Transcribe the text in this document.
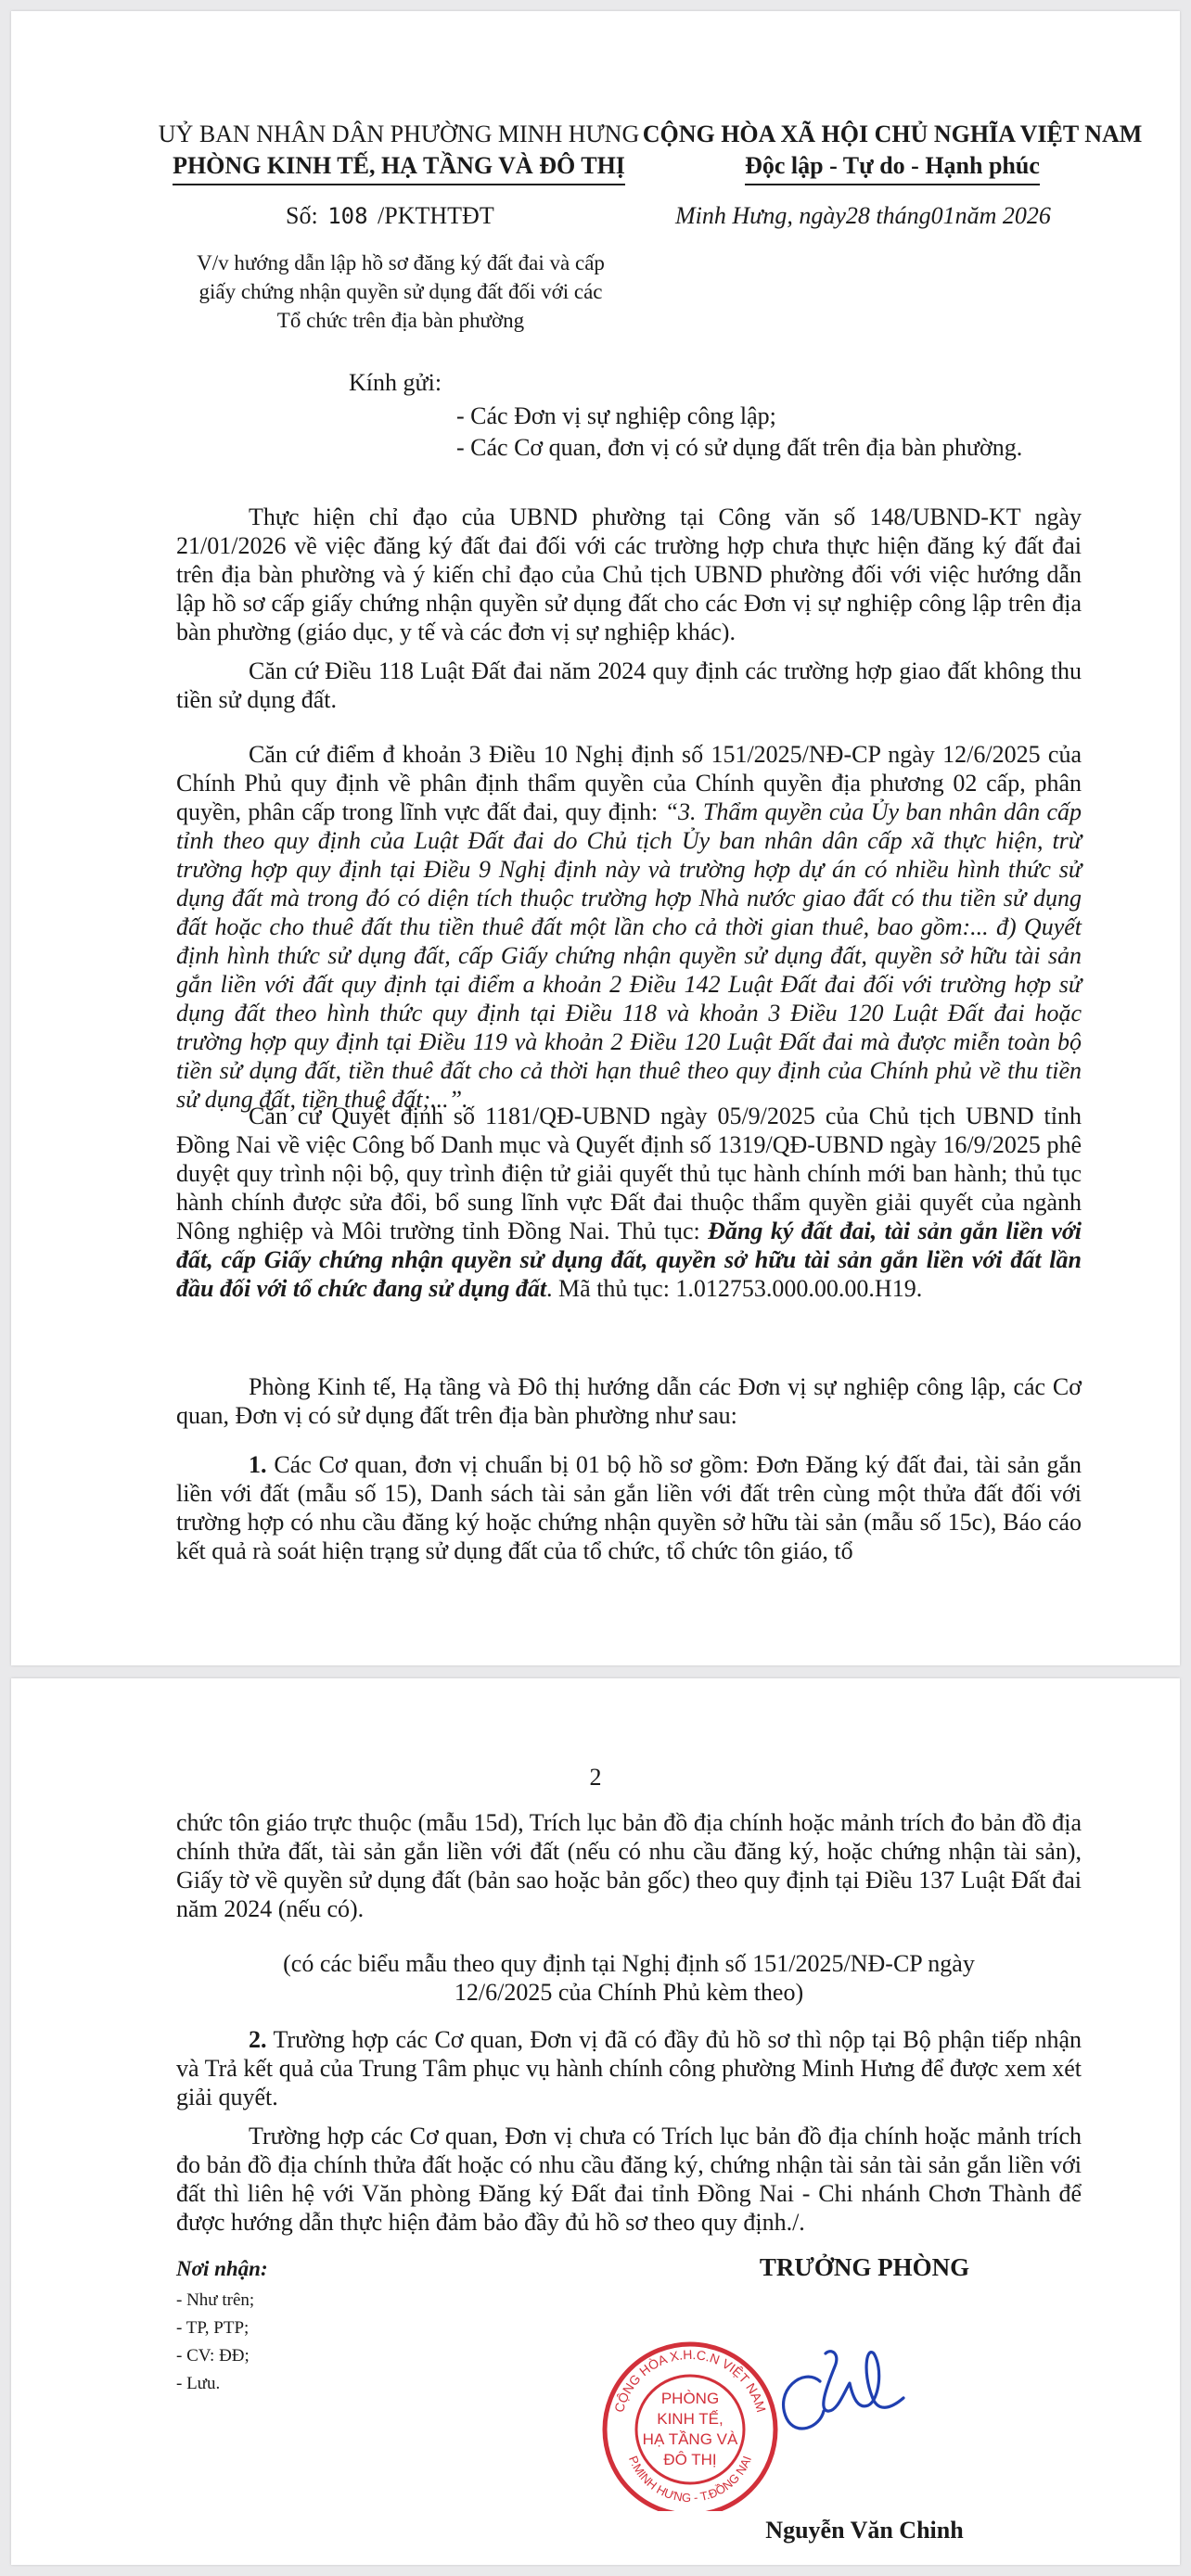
UỶ BAN NHÂN DÂN PHƯỜNG MINH HƯNG
PHÒNG KINH TẾ, HẠ TẦNG VÀ ĐÔ THỊ
Số: 108 /PKTHTĐT
V/v hướng dẫn lập hồ sơ đăng ký đất đai và cấp
giấy chứng nhận quyền sử dụng đất đối với các
Tổ chức trên địa bàn phường
CỘNG HÒA XÃ HỘI CHỦ NGHĨA VIỆT NAM
Độc lập - Tự do - Hạnh phúc
Minh Hưng, ngày28 tháng01năm 2026
Kính gửi:
- Các Đơn vị sự nghiệp công lập;
- Các Cơ quan, đơn vị có sử dụng đất trên địa bàn phường.

Thực hiện chỉ đạo của UBND phường tại Công văn số 148/UBND-KT ngày 21/01/2026 về việc đăng ký đất đai đối với các trường hợp chưa thực hiện đăng ký đất đai trên địa bàn phường và ý kiến chỉ đạo của Chủ tịch UBND phường đối với việc hướng dẫn lập hồ sơ cấp giấy chứng nhận quyền sử dụng đất cho các Đơn vị sự nghiệp công lập trên địa bàn phường (giáo dục, y tế và các đơn vị sự nghiệp khác).

Căn cứ Điều 118 Luật Đất đai năm 2024 quy định các trường hợp giao đất không thu tiền sử dụng đất.

Căn cứ điểm đ khoản 3 Điều 10 Nghị định số 151/2025/NĐ-CP ngày 12/6/2025 của Chính Phủ quy định về phân định thẩm quyền của Chính quyền địa phương 02 cấp, phân quyền, phân cấp trong lĩnh vực đất đai, quy định: “3. Thẩm quyền của Ủy ban nhân dân cấp tỉnh theo quy định của Luật Đất đai do Chủ tịch Ủy ban nhân dân cấp xã thực hiện, trừ trường hợp quy định tại Điều 9 Nghị định này và trường hợp dự án có nhiều hình thức sử dụng đất mà trong đó có diện tích thuộc trường hợp Nhà nước giao đất có thu tiền sử dụng đất hoặc cho thuê đất thu tiền thuê đất một lần cho cả thời gian thuê, bao gồm:... đ) Quyết định hình thức sử dụng đất, cấp Giấy chứng nhận quyền sử dụng đất, quyền sở hữu tài sản gắn liền với đất quy định tại điểm a khoản 2 Điều 142 Luật Đất đai đối với trường hợp sử dụng đất theo hình thức quy định tại Điều 118 và khoản 3 Điều 120 Luật Đất đai hoặc trường hợp quy định tại Điều 119 và khoản 2 Điều 120 Luật Đất đai mà được miễn toàn bộ tiền sử dụng đất, tiền thuê đất cho cả thời hạn thuê theo quy định của Chính phủ về thu tiền sử dụng đất, tiền thuê đất;...”.

Căn cứ Quyết định số 1181/QĐ-UBND ngày 05/9/2025 của Chủ tịch UBND tỉnh Đồng Nai về việc Công bố Danh mục và Quyết định số 1319/QĐ-UBND ngày 16/9/2025 phê duyệt quy trình nội bộ, quy trình điện tử giải quyết thủ tục hành chính mới ban hành; thủ tục hành chính được sửa đổi, bổ sung lĩnh vực Đất đai thuộc thẩm quyền giải quyết của ngành Nông nghiệp và Môi trường tỉnh Đồng Nai. Thủ tục: Đăng ký đất đai, tài sản gắn liền với đất, cấp Giấy chứng nhận quyền sử dụng đất, quyền sở hữu tài sản gắn liền với đất lần đầu đối với tổ chức đang sử dụng đất. Mã thủ tục: 1.012753.000.00.00.H19.

Phòng Kinh tế, Hạ tầng và Đô thị hướng dẫn các Đơn vị sự nghiệp công lập, các Cơ quan, Đơn vị có sử dụng đất trên địa bàn phường như sau:

1. Các Cơ quan, đơn vị chuẩn bị 01 bộ hồ sơ gồm: Đơn Đăng ký đất đai, tài sản gắn liền với đất (mẫu số 15), Danh sách tài sản gắn liền với đất trên cùng một thửa đất đối với trường hợp có nhu cầu đăng ký hoặc chứng nhận quyền sở hữu tài sản (mẫu số 15c), Báo cáo kết quả rà soát hiện trạng sử dụng đất của tổ chức, tổ chức tôn giáo, tổ

2

chức tôn giáo trực thuộc (mẫu 15d), Trích lục bản đồ địa chính hoặc mảnh trích đo bản đồ địa chính thửa đất, tài sản gắn liền với đất (nếu có nhu cầu đăng ký, hoặc chứng nhận tài sản), Giấy tờ về quyền sử dụng đất (bản sao hoặc bản gốc) theo quy định tại Điều 137 Luật Đất đai năm 2024 (nếu có).

(có các biểu mẫu theo quy định tại Nghị định số 151/2025/NĐ-CP ngày
12/6/2025 của Chính Phủ kèm theo)

2. Trường hợp các Cơ quan, Đơn vị đã có đầy đủ hồ sơ thì nộp tại Bộ phận tiếp nhận và Trả kết quả của Trung Tâm phục vụ hành chính công phường Minh Hưng để được xem xét giải quyết.

Trường hợp các Cơ quan, Đơn vị chưa có Trích lục bản đồ địa chính hoặc mảnh trích đo bản đồ địa chính thửa đất hoặc có nhu cầu đăng ký, chứng nhận tài sản tài sản gắn liền với đất thì liên hệ với Văn phòng Đăng ký Đất đai tỉnh Đồng Nai - Chi nhánh Chơn Thành để được hướng dẫn thực hiện đảm bảo đầy đủ hồ sơ theo quy định./.

Nơi nhận:
- Như trên;
- TP, PTP;
- CV: ĐĐ;
- Lưu.
TRƯỞNG PHÒNG
CỘNG HÒA X.H.C.N VIỆT NAM
P.MINH HƯNG - T.ĐỒNG NAI
PHÒNG
KINH TẾ,
HẠ TẦNG VÀ
ĐÔ THỊ
Nguyễn Văn Chinh
